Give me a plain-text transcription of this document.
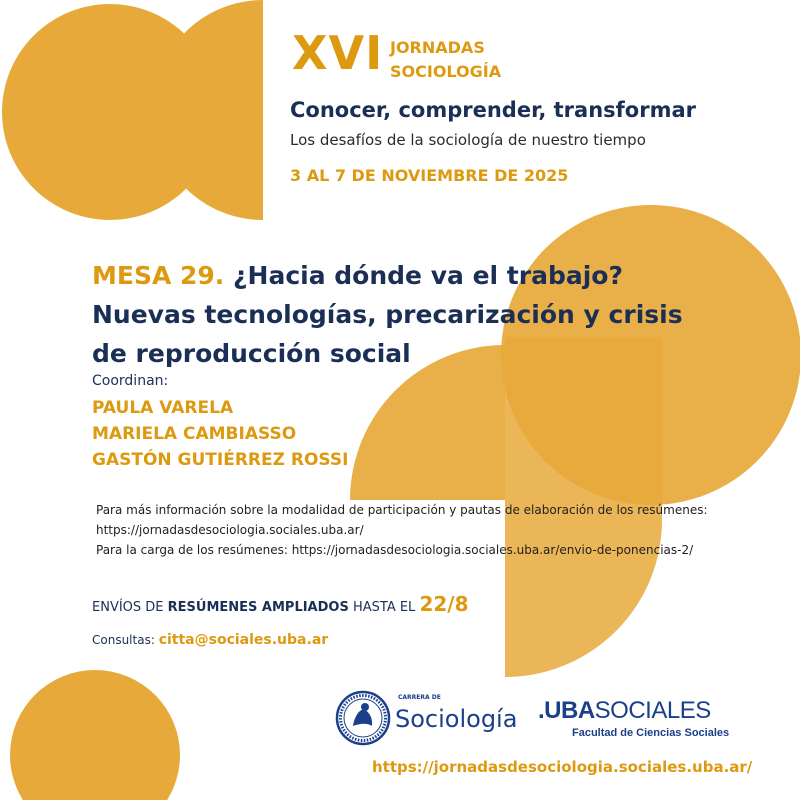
XVI JORNADAS
SOCIOLOGÍA
Conocer, comprender, transformar
Los desafíos de la sociología de nuestro tiempo
3 AL 7 DE NOVIEMBRE DE 2025
MESA 29. ¿Hacia dónde va el trabajo?
Nuevas tecnologías, precarización y crisis
de reproducción social
Coordinan:
PAULA VARELA
MARIELA CAMBIASSO
GASTÓN GUTIÉRREZ ROSSI
Para más información sobre la modalidad de participación y pautas de elaboración de los resúmenes:
https://jornadasdesociologia.sociales.uba.ar/
Para la carga de los resúmenes: https://jornadasdesociologia.sociales.uba.ar/envio-de-ponencias-2/
ENVÍOS DE RESÚMENES AMPLIADOS HASTA EL 22/8
Consultas: citta@sociales.uba.ar
CARRERA DE
Sociología .UBASOCIALES
Facultad de Ciencias Sociales
https://jornadasdesociologia.sociales.uba.ar/
